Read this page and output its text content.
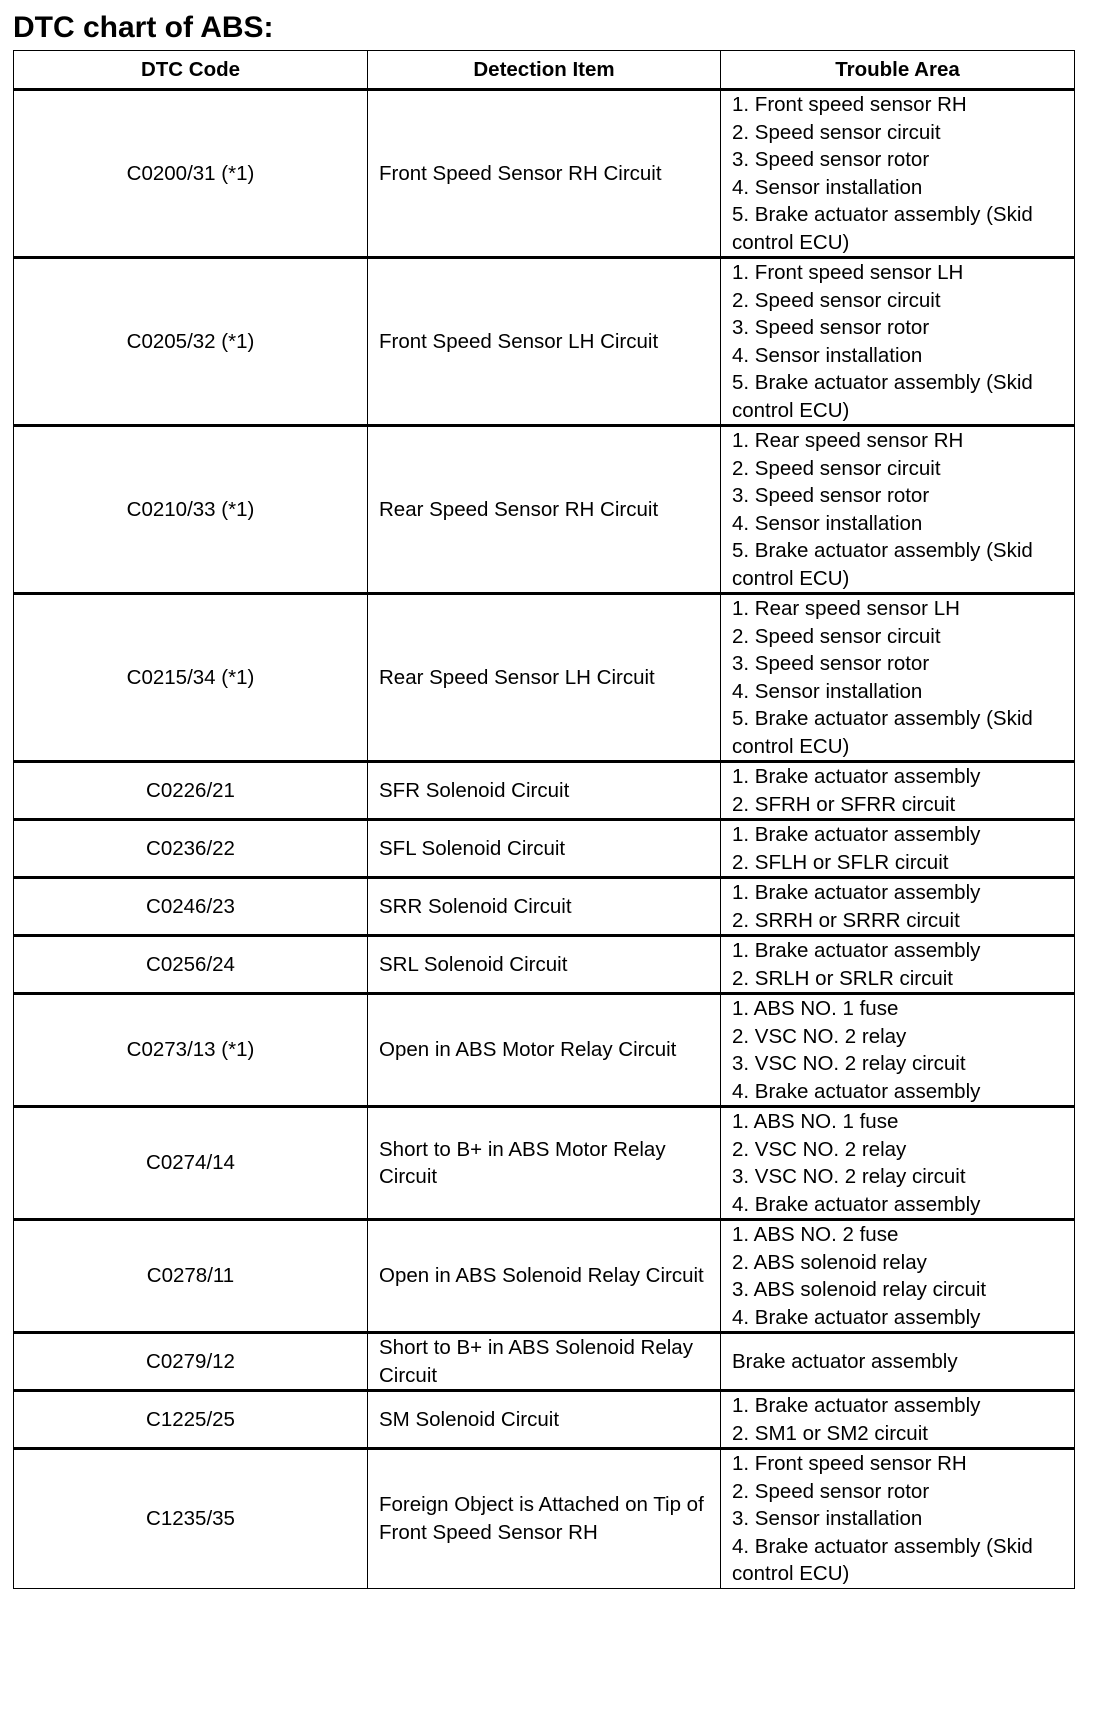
DTC chart of ABS:
DTC Code	Detection Item	Trouble Area
C0200/31 (*1)	Front Speed Sensor RH Circuit	1. Front speed sensor RH
2. Speed sensor circuit
3. Speed sensor rotor
4. Sensor installation
5. Brake actuator assembly (Skid control ECU)

C0205/32 (*1)	Front Speed Sensor LH Circuit	1. Front speed sensor LH
2. Speed sensor circuit
3. Speed sensor rotor
4. Sensor installation
5. Brake actuator assembly (Skid control ECU)

C0210/33 (*1)	Rear Speed Sensor RH Circuit	1. Rear speed sensor RH
2. Speed sensor circuit
3. Speed sensor rotor
4. Sensor installation
5. Brake actuator assembly (Skid control ECU)

C0215/34 (*1)	Rear Speed Sensor LH Circuit	1. Rear speed sensor LH
2. Speed sensor circuit
3. Speed sensor rotor
4. Sensor installation
5. Brake actuator assembly (Skid control ECU)

C0226/21	SFR Solenoid Circuit	1. Brake actuator assembly
2. SFRH or SFRR circuit

C0236/22	SFL Solenoid Circuit	1. Brake actuator assembly
2. SFLH or SFLR circuit

C0246/23	SRR Solenoid Circuit	1. Brake actuator assembly
2. SRRH or SRRR circuit

C0256/24	SRL Solenoid Circuit	1. Brake actuator assembly
2. SRLH or SRLR circuit

C0273/13 (*1)	Open in ABS Motor Relay Circuit	1. ABS NO. 1 fuse
2. VSC NO. 2 relay
3. VSC NO. 2 relay circuit
4. Brake actuator assembly

C0274/14	Short to B+ in ABS Motor Relay Circuit	1. ABS NO. 1 fuse
2. VSC NO. 2 relay
3. VSC NO. 2 relay circuit
4. Brake actuator assembly

C0278/11	Open in ABS Solenoid Relay Circuit	1. ABS NO. 2 fuse
2. ABS solenoid relay
3. ABS solenoid relay circuit
4. Brake actuator assembly

C0279/12	Short to B+ in ABS Solenoid Relay Circuit	Brake actuator assembly

C1225/25	SM Solenoid Circuit	1. Brake actuator assembly
2. SM1 or SM2 circuit

C1235/35	Foreign Object is Attached on Tip of Front Speed Sensor RH	1. Front speed sensor RH
2. Speed sensor rotor
3. Sensor installation
4. Brake actuator assembly (Skid control ECU)
